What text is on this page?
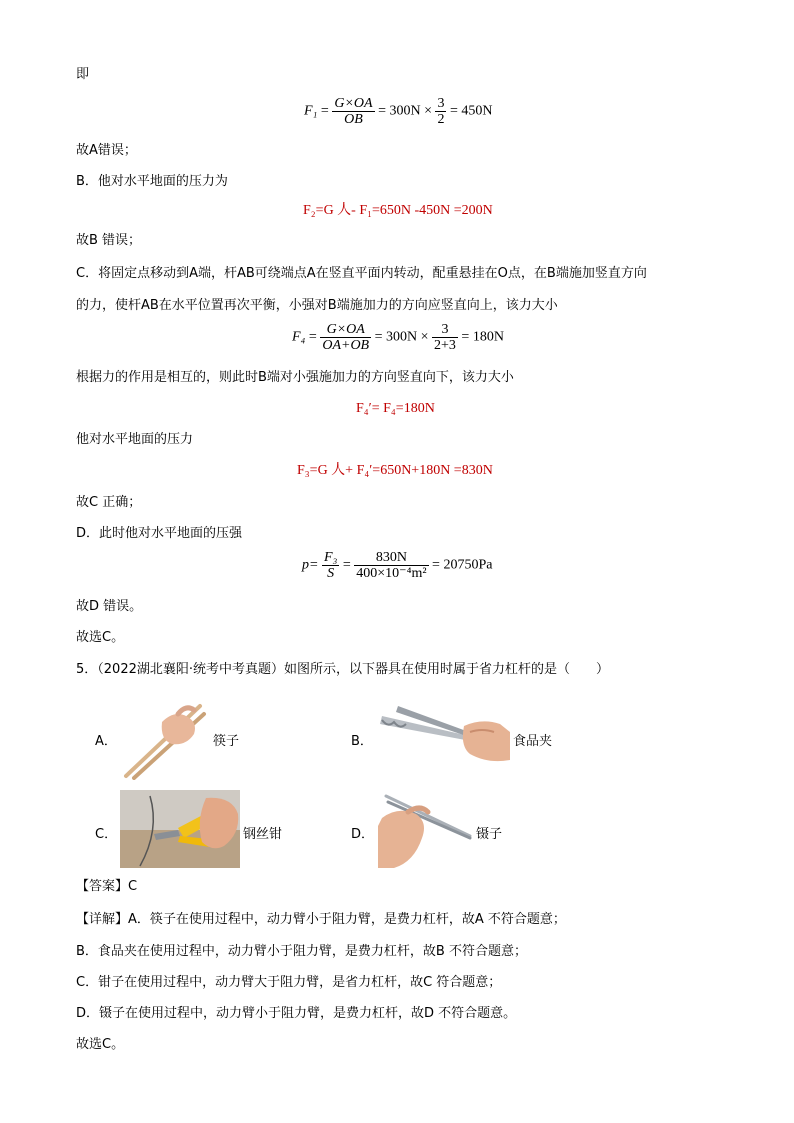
即
$F_1 = \frac{G\times OA}{OB} = 300N \times \frac{3}{2} = 450N$
故A错误；
B．他对水平地面的压力为
F₂=G 人- F₁=650N -450N =200N
故B 错误；
C．将固定点移动到A端，杆AB可绕端点A在竖直平面内转动，配重悬挂在O点，在B端施加竖直方向
的力，使杆AB在水平位置再次平衡，小强对B端施加力的方向应竖直向上，该力大小
$F_4 = \frac{G\times OA}{OA+OB} = 300N \times \frac{3}{2+3} = 180N$
根据力的作用是相互的，则此时B端对小强施加力的方向竖直向下，该力大小
F₄′= F₄=180N
他对水平地面的压力
F₃=G 人+ F₄′=650N+180N =830N
故C 正确；
D．此时他对水平地面的压强
$p= \frac{\text{F₃}}{S} = \frac{830N}{\text{400×10⁻⁴m²}} = 20750Pa$
故D 错误。
故选C。
5．（2022湖北襄阳·统考中考真题）如图所示，以下器具在使用时属于省力杠杆的是（　　）
A．	筷子	B．	食品夹
C．	钢丝钳	D．	镊子
【答案】C
【详解】A．筷子在使用过程中，动力臂小于阻力臂，是费力杠杆，故A 不符合题意；
B．食品夹在使用过程中，动力臂小于阻力臂，是费力杠杆，故B 不符合题意；
C．钳子在使用过程中，动力臂大于阻力臂，是省力杠杆，故C 符合题意；
D．镊子在使用过程中，动力臂小于阻力臂，是费力杠杆，故D 不符合题意。
故选C。
